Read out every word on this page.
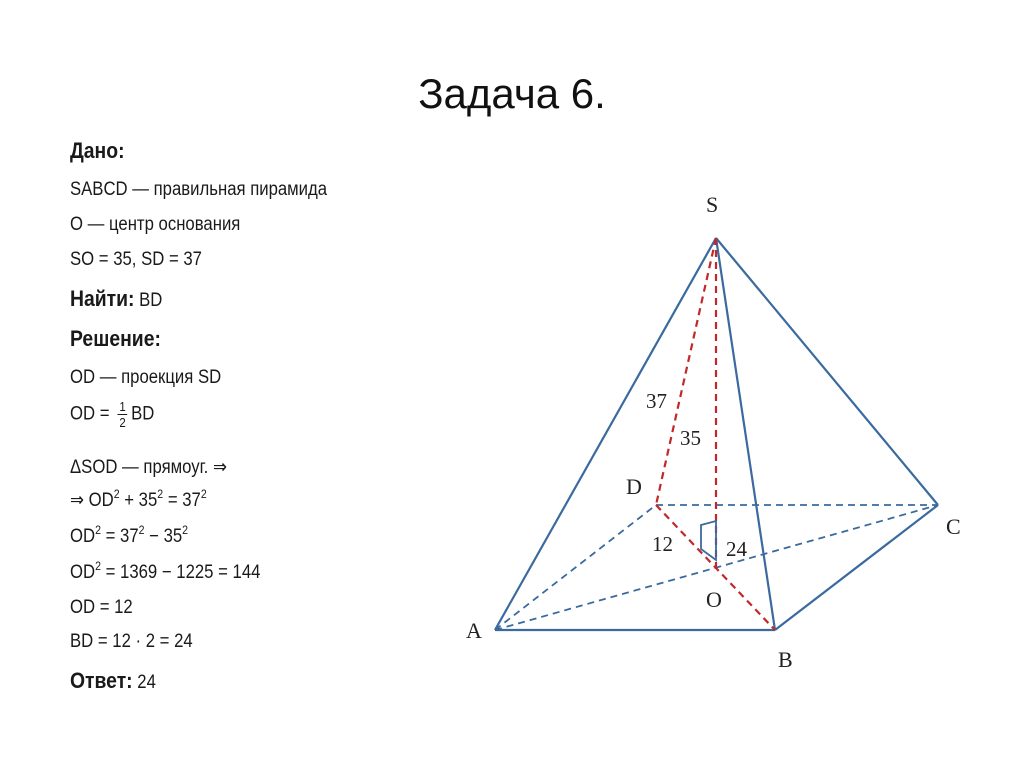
Задача 6.
Дано:
SABCD — правильная пирамида
O — центр основания
SO = 35, SD = 37
Найти: BD
Решение:
OD — проекция SD
OD = $\frac{1}{2}$ BD
ΔSOD — прямоуг. ⇒
⇒ $OD^2 + 35^2 = 37^2$
$OD^2 = 37^2 - 35^2$
$OD^2 = 1369 - 1225 = 144$
OD = 12
BD = 12 · 2 = 24
Ответ: 24
S
A
B
C
D
O
37
35
12	24
